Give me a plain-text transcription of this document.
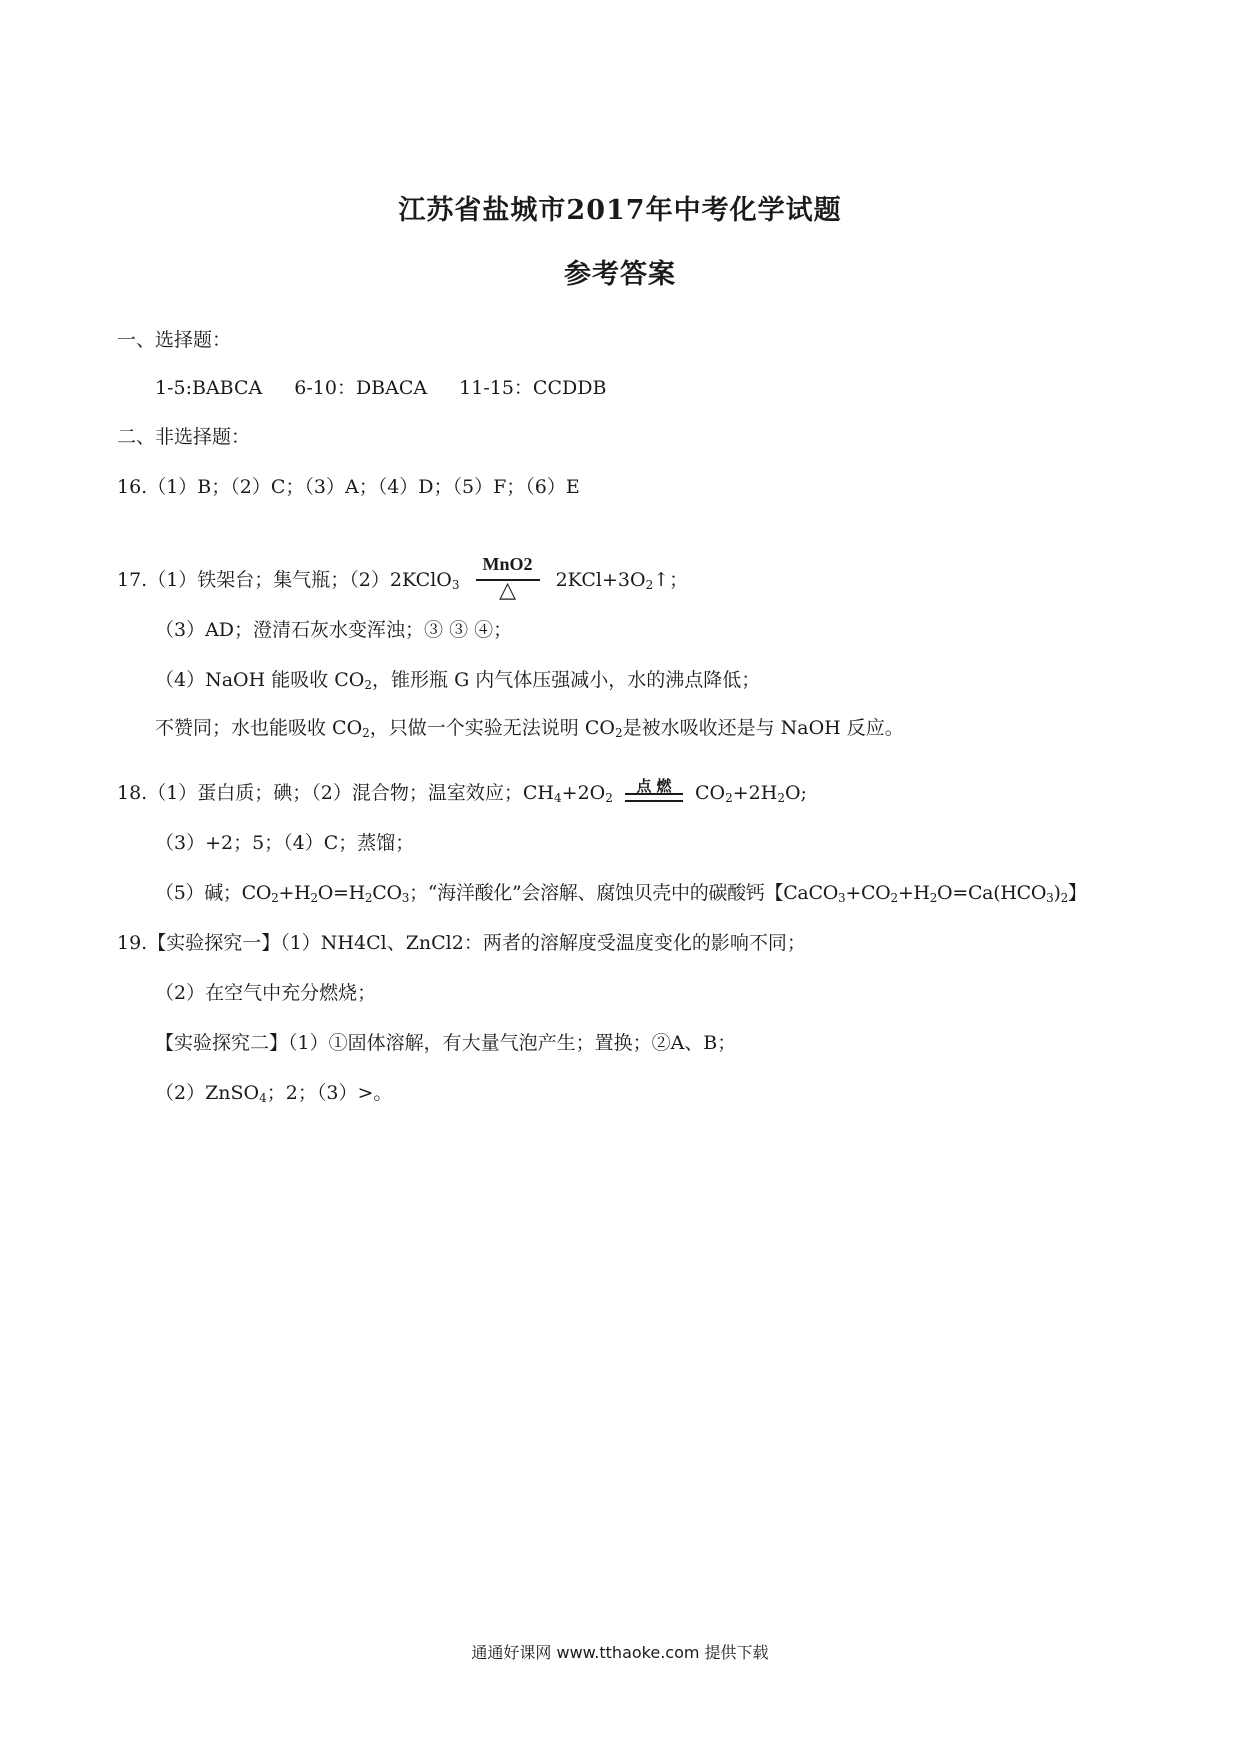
江苏省盐城市2017年中考化学试题
参考答案
一、选择题：
1-5:BABCA 6-10：DBACA 11-15：CCDDB
二、非选择题：
16.（1）B；（2）C；（3）A；（4）D；（5）F；（6）E
17.（1）铁架台；集气瓶；（2）2KClO$_3$
MnO2
△	$2KCl+3O_2↑$；
（3）AD；澄清石灰水变浑浊；③ ③ ④；
（4）NaOH 能吸收 $CO_2$，锥形瓶 G 内气体压强减小，水的沸点降低；
不赞同；水也能吸收 $CO_2$，只做一个实验无法说明 $CO_2$是被水吸收还是与 NaOH 反应。
18.（1）蛋白质；碘；（2）混合物；温室效应；$CH_4+2O_2$
点 燃	$CO_2+2H_2O$;
（3）+2；5；（4）C；蒸馏；
（5）碱；$CO_2+H_2O=H_2CO_3$；“海洋酸化”会溶解、腐蚀贝壳中的碳酸钙【$CaCO_3+CO_2+H_2O=Ca(HCO_3)_2$】
19.【实验探究一】（1）NH4Cl、ZnCl2：两者的溶解度受温度变化的影响不同；
（2）在空气中充分燃烧；
【实验探究二】（1）①固体溶解，有大量气泡产生；置换；②A、B；
（2）ZnSO$_4$；2；（3）>。
通通好课网 www.tthaoke.com 提供下载
